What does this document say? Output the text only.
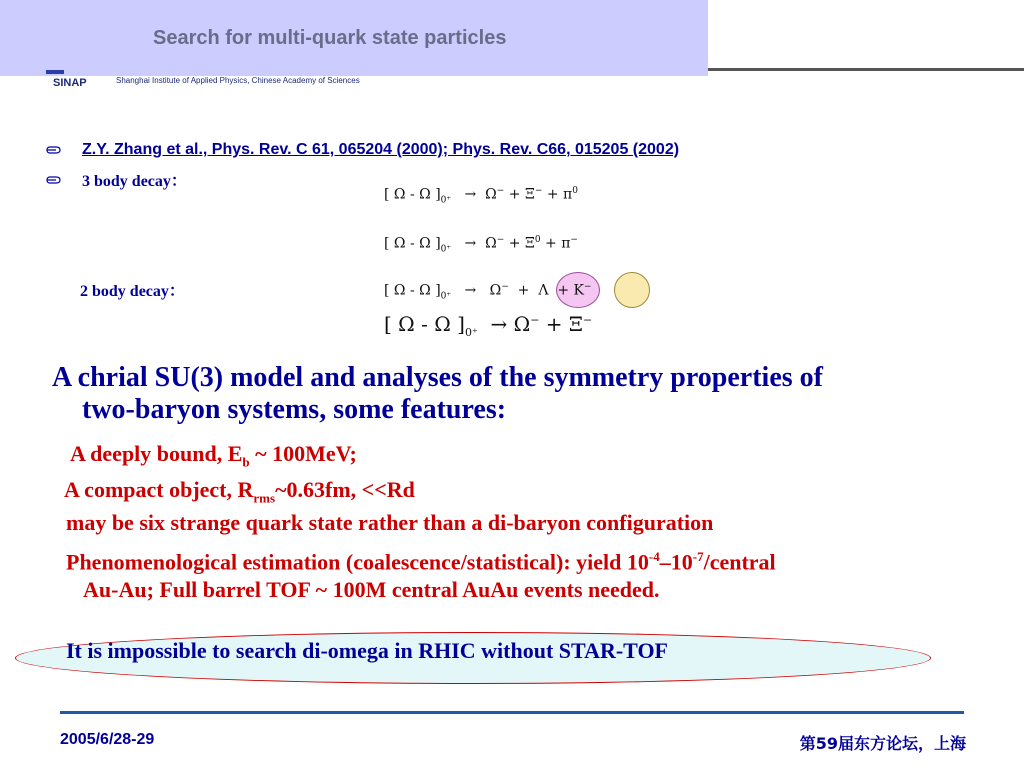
Search for multi-quark state particles
SINAP	Shanghai Institute of Applied Physics, Chinese Academy of Sciences
Z.Y. Zhang et al., Phys. Rev. C 61, 065204 (2000); Phys. Rev. C66, 015205 (2002)
3 body decay：
2 body decay：
[ Ω - Ω ]$_{0^+} \to \Omega^- + \Xi^- + \pi^0$
[ Ω - Ω ]$_{0^+} \to \Omega^- + \Xi^0 + \pi^-$
[ Ω - Ω ]$_{0^+} \to \Omega^- + \Lambda + K^-$
[ Ω - Ω ]$_{0^+} \to \Omega^- + \Xi^-$
A chrial SU(3) model and analyses of the symmetry properties of
two-baryon systems, some features:
A deeply bound, $E_b$ ~ 100MeV;
A compact object, $R_{rms}\sim 0.63fm$, <<Rd
may be six strange quark state rather than a di-baryon configuration
Phenomenological estimation (coalescence/statistical): yield $10^{-4}-10^{-7}$/central
Au-Au; Full barrel TOF ~ 100M central AuAu events needed.
It is impossible to search di-omega in RHIC without STAR-TOF
2005/6/28-29	第59届东方论坛，上海
